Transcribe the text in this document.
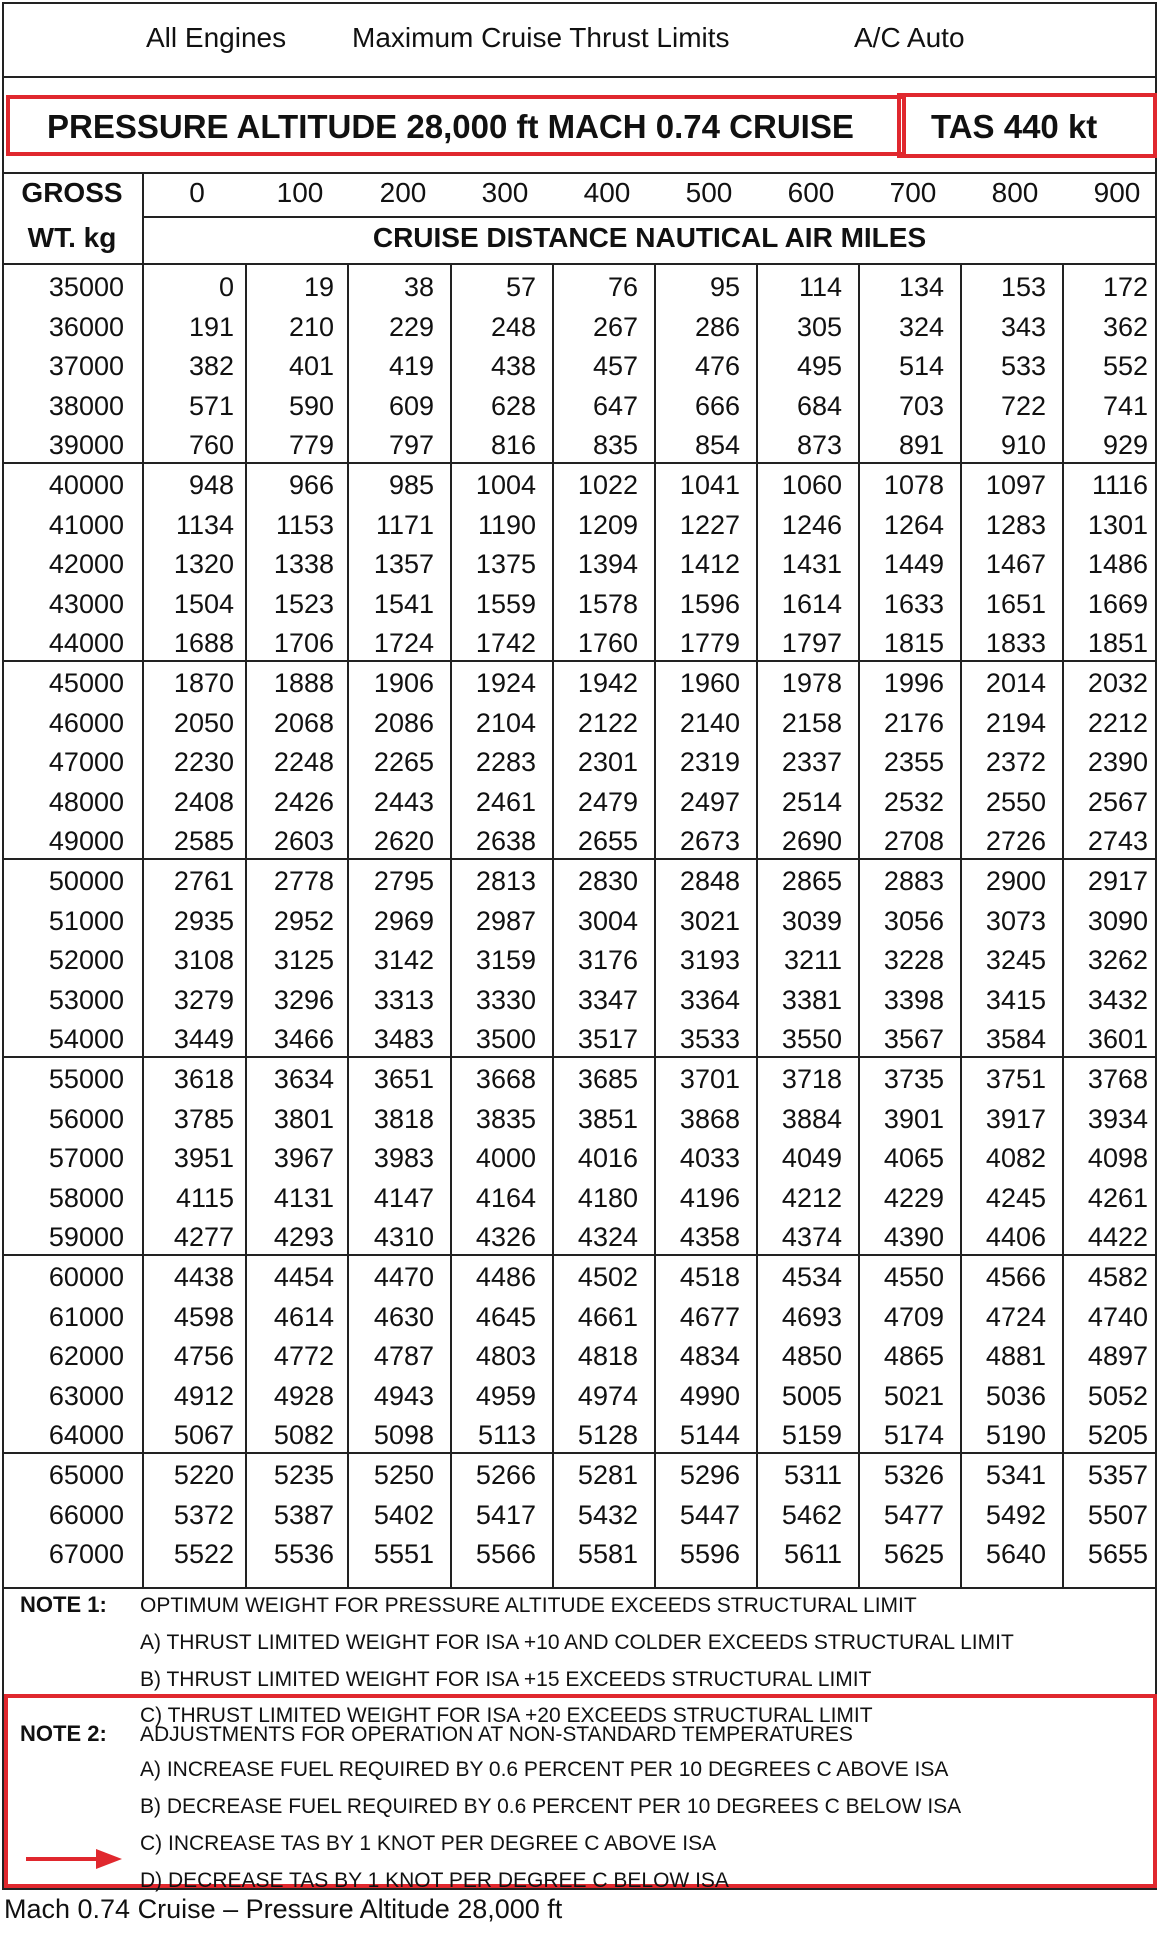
All Engines Maximum Cruise Thrust Limits	A/C Auto
PRESSURE ALTITUDE 28,000 ft MACH 0.74 CRUISE TAS 440 kt
GROSS
WT. kg
0	100	200	300	400	500	600	700	800	900
CRUISE DISTANCE NAUTICAL AIR MILES
35000	0	19	38	57	76	95	114	134	153	172
36000	191	210	229	248	267	286	305	324	343	362
37000	382	401	419	438	457	476	495	514	533	552
38000	571	590	609	628	647	666	684	703	722	741
39000	760	779	797	816	835	854	873	891	910	929
40000	948	966	985	1004	1022	1041	1060	1078	1097	1116
41000	1134	1153	1171	1190	1209	1227	1246	1264	1283	1301
42000	1320	1338	1357	1375	1394	1412	1431	1449	1467	1486
43000	1504	1523	1541	1559	1578	1596	1614	1633	1651	1669
44000	1688	1706	1724	1742	1760	1779	1797	1815	1833	1851
45000	1870	1888	1906	1924	1942	1960	1978	1996	2014	2032
46000	2050	2068	2086	2104	2122	2140	2158	2176	2194	2212
47000	2230	2248	2265	2283	2301	2319	2337	2355	2372	2390
48000	2408	2426	2443	2461	2479	2497	2514	2532	2550	2567
49000	2585	2603	2620	2638	2655	2673	2690	2708	2726	2743
50000	2761	2778	2795	2813	2830	2848	2865	2883	2900	2917
51000	2935	2952	2969	2987	3004	3021	3039	3056	3073	3090
52000	3108	3125	3142	3159	3176	3193	3211	3228	3245	3262
53000	3279	3296	3313	3330	3347	3364	3381	3398	3415	3432
54000	3449	3466	3483	3500	3517	3533	3550	3567	3584	3601
55000	3618	3634	3651	3668	3685	3701	3718	3735	3751	3768
56000	3785	3801	3818	3835	3851	3868	3884	3901	3917	3934
57000	3951	3967	3983	4000	4016	4033	4049	4065	4082	4098
58000	4115	4131	4147	4164	4180	4196	4212	4229	4245	4261
59000	4277	4293	4310	4326	4324	4358	4374	4390	4406	4422
60000	4438	4454	4470	4486	4502	4518	4534	4550	4566	4582
61000	4598	4614	4630	4645	4661	4677	4693	4709	4724	4740
62000	4756	4772	4787	4803	4818	4834	4850	4865	4881	4897
63000	4912	4928	4943	4959	4974	4990	5005	5021	5036	5052
64000	5067	5082	5098	5113	5128	5144	5159	5174	5190	5205
65000	5220	5235	5250	5266	5281	5296	5311	5326	5341	5357
66000	5372	5387	5402	5417	5432	5447	5462	5477	5492	5507
67000	5522	5536	5551	5566	5581	5596	5611	5625	5640	5655
NOTE 1: OPTIMUM WEIGHT FOR PRESSURE ALTITUDE EXCEEDS STRUCTURAL LIMIT
A) THRUST LIMITED WEIGHT FOR ISA +10 AND COLDER EXCEEDS STRUCTURAL LIMIT
B) THRUST LIMITED WEIGHT FOR ISA +15 EXCEEDS STRUCTURAL LIMIT
C) THRUST LIMITED WEIGHT FOR ISA +20 EXCEEDS STRUCTURAL LIMIT
NOTE 2: ADJUSTMENTS FOR OPERATION AT NON-STANDARD TEMPERATURES
A) INCREASE FUEL REQUIRED BY 0.6 PERCENT PER 10 DEGREES C ABOVE ISA
B) DECREASE FUEL REQUIRED BY 0.6 PERCENT PER 10 DEGREES C BELOW ISA
C) INCREASE TAS BY 1 KNOT PER DEGREE C ABOVE ISA
D) DECREASE TAS BY 1 KNOT PER DEGREE C BELOW ISA
Mach 0.74 Cruise – Pressure Altitude 28,000 ft
